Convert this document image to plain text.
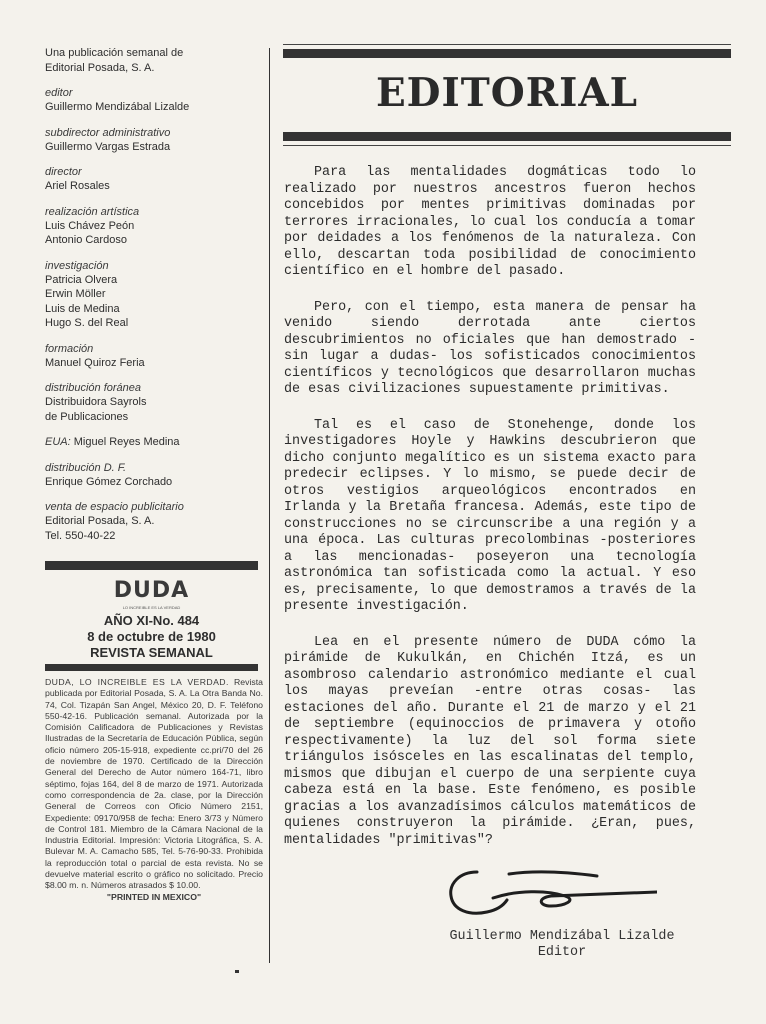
Una publicación semanal de
Editorial Posada, S. A.
editor
Guillermo Mendizábal Lizalde
subdirector administrativo
Guillermo Vargas Estrada
director
Ariel Rosales
realización artística
Luis Chávez Peón
Antonio Cardoso
investigación
Patricia Olvera
Erwin Möller
Luis de Medina
Hugo S. del Real
formación
Manuel Quiroz Feria
distribución foránea
Distribuidora Sayrols
de Publicaciones
EUA: Miguel Reyes Medina
distribución D. F.
Enrique Gómez Corchado
venta de espacio publicitario
Editorial Posada, S. A.
Tel. 550-40-22
DUDA
LO INCREIBLE ES LA VERDAD
AÑO XI-No. 484
8 de octubre de 1980
REVISTA SEMANAL
DUDA, LO INCREIBLE ES LA VERDAD. Revista publicada por Editorial Posada, S. A. La Otra Banda No. 74, Col. Tizapán San Angel, México 20, D. F. Teléfono 550-42-16. Publicación semanal. Autorizada por la Comisión Calificadora de Publicaciones y Revistas Ilustradas de la Secretaría de Educación Pública, según oficio número 205-15-918, expediente cc.pri/70 del 26 de noviembre de 1970. Certificado de la Dirección General del Derecho de Autor número 164-71, libro séptimo, fojas 164, del 8 de marzo de 1971. Autorizada como correspondencia de 2a. clase, por la Dirección General de Correos con Oficio Número 2151, Expediente: 09170/958 de fecha: Enero 3/73 y Número de Control 181. Miembro de la Cámara Nacional de la Industria Editorial. Impresión: Victoria Litográfica, S. A. Bulevar M. A. Camacho 585, Tel. 5-76-90-33. Prohibida la reproducción total o parcial de esta revista. No se devuelve material escrito o gráfico no solicitado. Precio $8.00 m. n. Números atrasados $ 10.00.
"PRINTED IN MEXICO"
EDITORIAL

Para las mentalidades dogmáticas todo lo realizado por nuestros ancestros fueron hechos concebidos por mentes primitivas dominadas por terrores irracionales, lo cual los conducía a tomar por deidades a los fenómenos de la naturaleza. Con ello, descartan toda posibilidad de conocimiento científico en el hombre del pasado.

Pero, con el tiempo, esta manera de pensar ha venido siendo derrotada ante ciertos descubrimientos no oficiales que han demostrado -sin lugar a dudas- los sofisticados conocimientos científicos y tecnológicos que desarrollaron muchas de esas civilizaciones supuestamente primitivas.

Tal es el caso de Stonehenge, donde los investigadores Hoyle y Hawkins descubrieron que dicho conjunto megalítico es un sistema exacto para predecir eclipses. Y lo mismo, se puede decir de otros vestigios arqueológicos encontrados en Irlanda y la Bretaña francesa. Además, este tipo de construcciones no se circunscribe a una región y a una época. Las culturas precolombinas -posteriores a las mencionadas- poseyeron una tecnología astronómica tan sofisticada como la actual. Y eso es, precisamente, lo que demostramos a través de la presente investigación.

Lea en el presente número de DUDA cómo la pirámide de Kukulkán, en Chichén Itzá, es un asombroso calendario astronómico mediante el cual los mayas preveían -entre otras cosas- las estaciones del año. Durante el 21 de marzo y el 21 de septiembre (equinoccios de primavera y otoño respectivamente) la luz del sol forma siete triángulos isósceles en las escalinatas del templo, mismos que dibujan el cuerpo de una serpiente cuya cabeza está en la base. Este fenómeno, es posible gracias a los avanzadísimos cálculos matemáticos de quienes construyeron la pirámide. ¿Eran, pues, mentalidades "primitivas"?

Guillermo Mendizábal Lizalde
Editor
